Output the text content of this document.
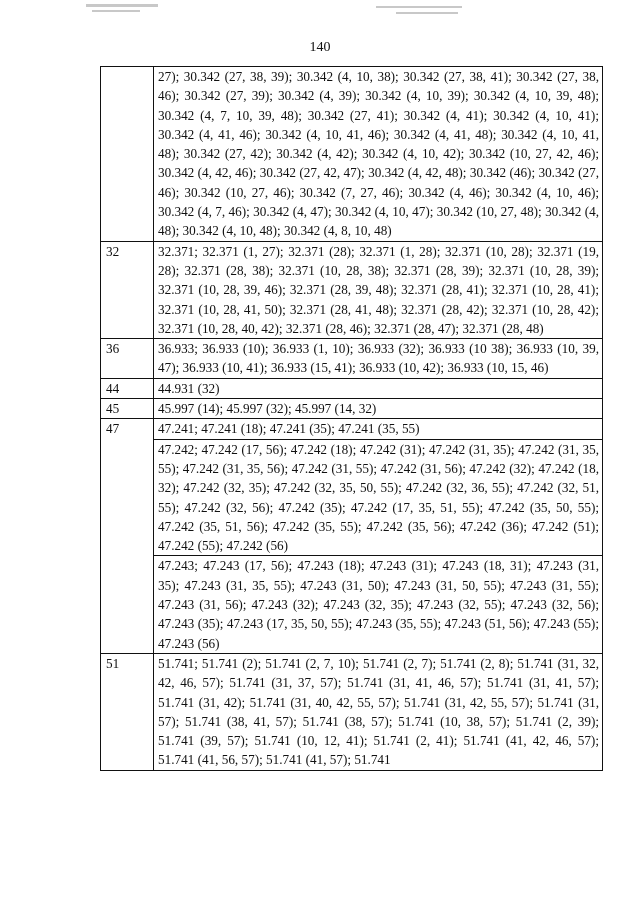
140
	27); 30.342 (27, 38, 39); 30.342 (4, 10, 38); 30.342 (27, 38, 41); 30.342 (27, 38, 46); 30.342 (27, 39); 30.342 (4, 39); 30.342 (4, 10, 39); 30.342 (4, 10, 39, 48); 30.342 (4, 7, 10, 39, 48); 30.342 (27, 41); 30.342 (4, 41); 30.342 (4, 10, 41); 30.342 (4, 41, 46); 30.342 (4, 10, 41, 46); 30.342 (4, 41, 48); 30.342 (4, 10, 41, 48); 30.342 (27, 42); 30.342 (4, 42); 30.342 (4, 10, 42); 30.342 (10, 27, 42, 46); 30.342 (4, 42, 46); 30.342 (27, 42, 47); 30.342 (4, 42, 48); 30.342 (46); 30.342 (27, 46); 30.342 (10, 27, 46); 30.342 (7, 27, 46); 30.342 (4, 46); 30.342 (4, 10, 46); 30.342 (4, 7, 46); 30.342 (4, 47); 30.342 (4, 10, 47); 30.342 (10, 27, 48); 30.342 (4, 48); 30.342 (4, 10, 48); 30.342 (4, 8, 10, 48)
32	32.371; 32.371 (1, 27); 32.371 (28); 32.371 (1, 28); 32.371 (10, 28); 32.371 (19, 28); 32.371 (28, 38); 32.371 (10, 28, 38); 32.371 (28, 39); 32.371 (10, 28, 39); 32.371 (10, 28, 39, 46); 32.371 (28, 39, 48); 32.371 (28, 41); 32.371 (10, 28, 41); 32.371 (10, 28, 41, 50); 32.371 (28, 41, 48); 32.371 (28, 42); 32.371 (10, 28, 42); 32.371 (10, 28, 40, 42); 32.371 (28, 46); 32.371 (28, 47); 32.371 (28, 48)
36	36.933; 36.933 (10); 36.933 (1, 10); 36.933 (32); 36.933 (10 38); 36.933 (10, 39, 47); 36.933 (10, 41); 36.933 (15, 41); 36.933 (10, 42); 36.933 (10, 15, 46)
44	44.931 (32)
45	45.997 (14); 45.997 (32); 45.997 (14, 32)
47	47.241; 47.241 (18); 47.241 (35); 47.241 (35, 55)
	47.242; 47.242 (17, 56); 47.242 (18); 47.242 (31); 47.242 (31, 35); 47.242 (31, 35, 55); 47.242 (31, 35, 56); 47.242 (31, 55); 47.242 (31, 56); 47.242 (32); 47.242 (18, 32); 47.242 (32, 35); 47.242 (32, 35, 50, 55); 47.242 (32, 36, 55); 47.242 (32, 51, 55); 47.242 (32, 56); 47.242 (35); 47.242 (17, 35, 51, 55); 47.242 (35, 50, 55); 47.242 (35, 51, 56); 47.242 (35, 55); 47.242 (35, 56); 47.242 (36); 47.242 (51); 47.242 (55); 47.242 (56)
	47.243; 47.243 (17, 56); 47.243 (18); 47.243 (31); 47.243 (18, 31); 47.243 (31, 35); 47.243 (31, 35, 55); 47.243 (31, 50); 47.243 (31, 50, 55); 47.243 (31, 55); 47.243 (31, 56); 47.243 (32); 47.243 (32, 35); 47.243 (32, 55); 47.243 (32, 56); 47.243 (35); 47.243 (17, 35, 50, 55); 47.243 (35, 55); 47.243 (51, 56); 47.243 (55); 47.243 (56)
51	51.741; 51.741 (2); 51.741 (2, 7, 10); 51.741 (2, 7); 51.741 (2, 8); 51.741 (31, 32, 42, 46, 57); 51.741 (31, 37, 57); 51.741 (31, 41, 46, 57); 51.741 (31, 41, 57); 51.741 (31, 42); 51.741 (31, 40, 42, 55, 57); 51.741 (31, 42, 55, 57); 51.741 (31, 57); 51.741 (38, 41, 57); 51.741 (38, 57); 51.741 (10, 38, 57); 51.741 (2, 39); 51.741 (39, 57); 51.741 (10, 12, 41); 51.741 (2, 41); 51.741 (41, 42, 46, 57); 51.741 (41, 56, 57); 51.741 (41, 57); 51.741
